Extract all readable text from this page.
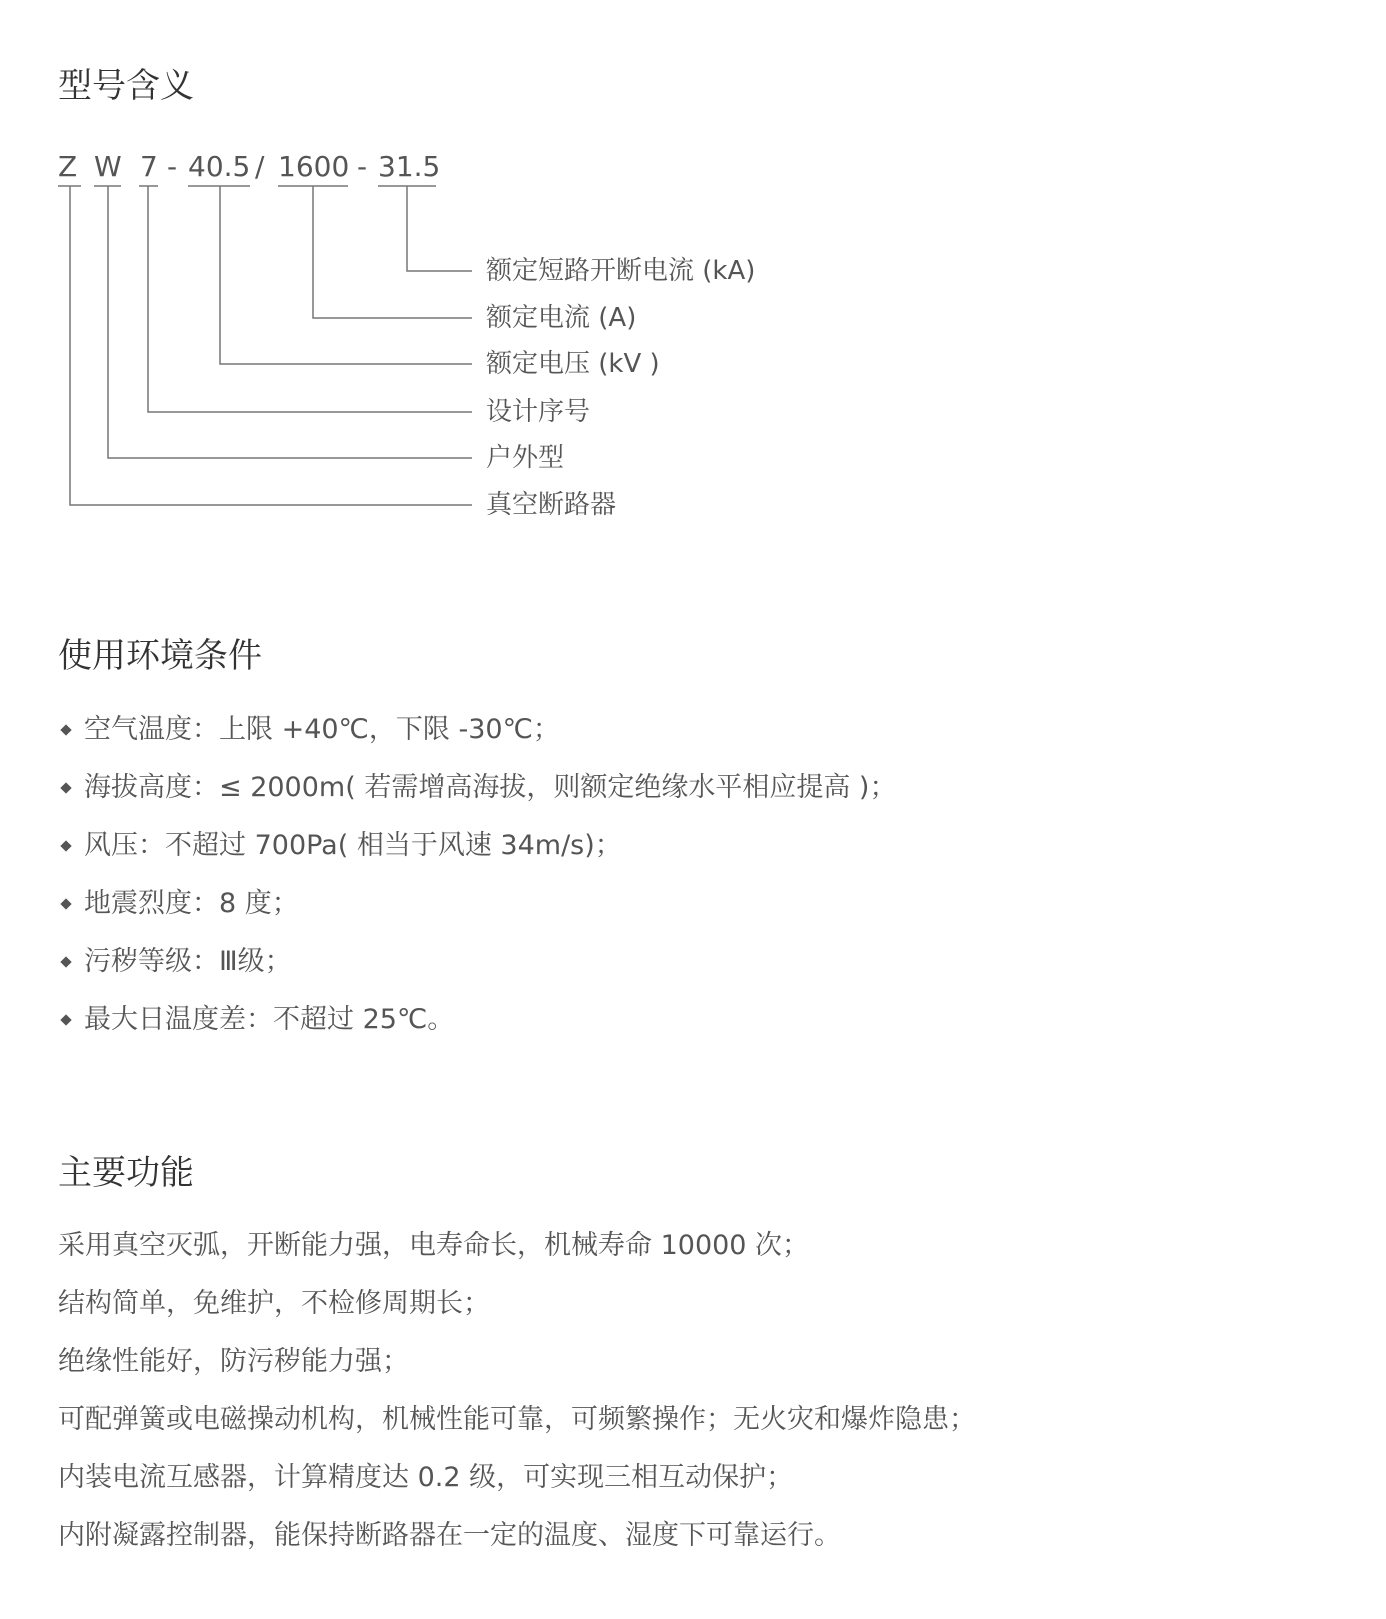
型号含义
Z W 7 - 40.5 / 1600 - 31.5
额定短路开断电流 (kA)
额定电流 (A)
额定电压 (kV )
设计序号
户外型
真空断路器
使用环境条件
空气温度：上限 +40℃，下限 -30℃；
海拔高度：≤ 2000m( 若需增高海拔，则额定绝缘水平相应提高 )；
风压：不超过 700Pa( 相当于风速 34m/s)；
地震烈度：8 度；
污秽等级：Ⅲ级；
最大日温度差：不超过 25℃。
主要功能
采用真空灭弧，开断能力强，电寿命长，机械寿命 10000 次；
结构简单，免维护，不检修周期长；
绝缘性能好，防污秽能力强；
可配弹簧或电磁操动机构，机械性能可靠，可频繁操作；无火灾和爆炸隐患；
内装电流互感器，计算精度达 0.2 级，可实现三相互动保护；
内附凝露控制器，能保持断路器在一定的温度、湿度下可靠运行。
